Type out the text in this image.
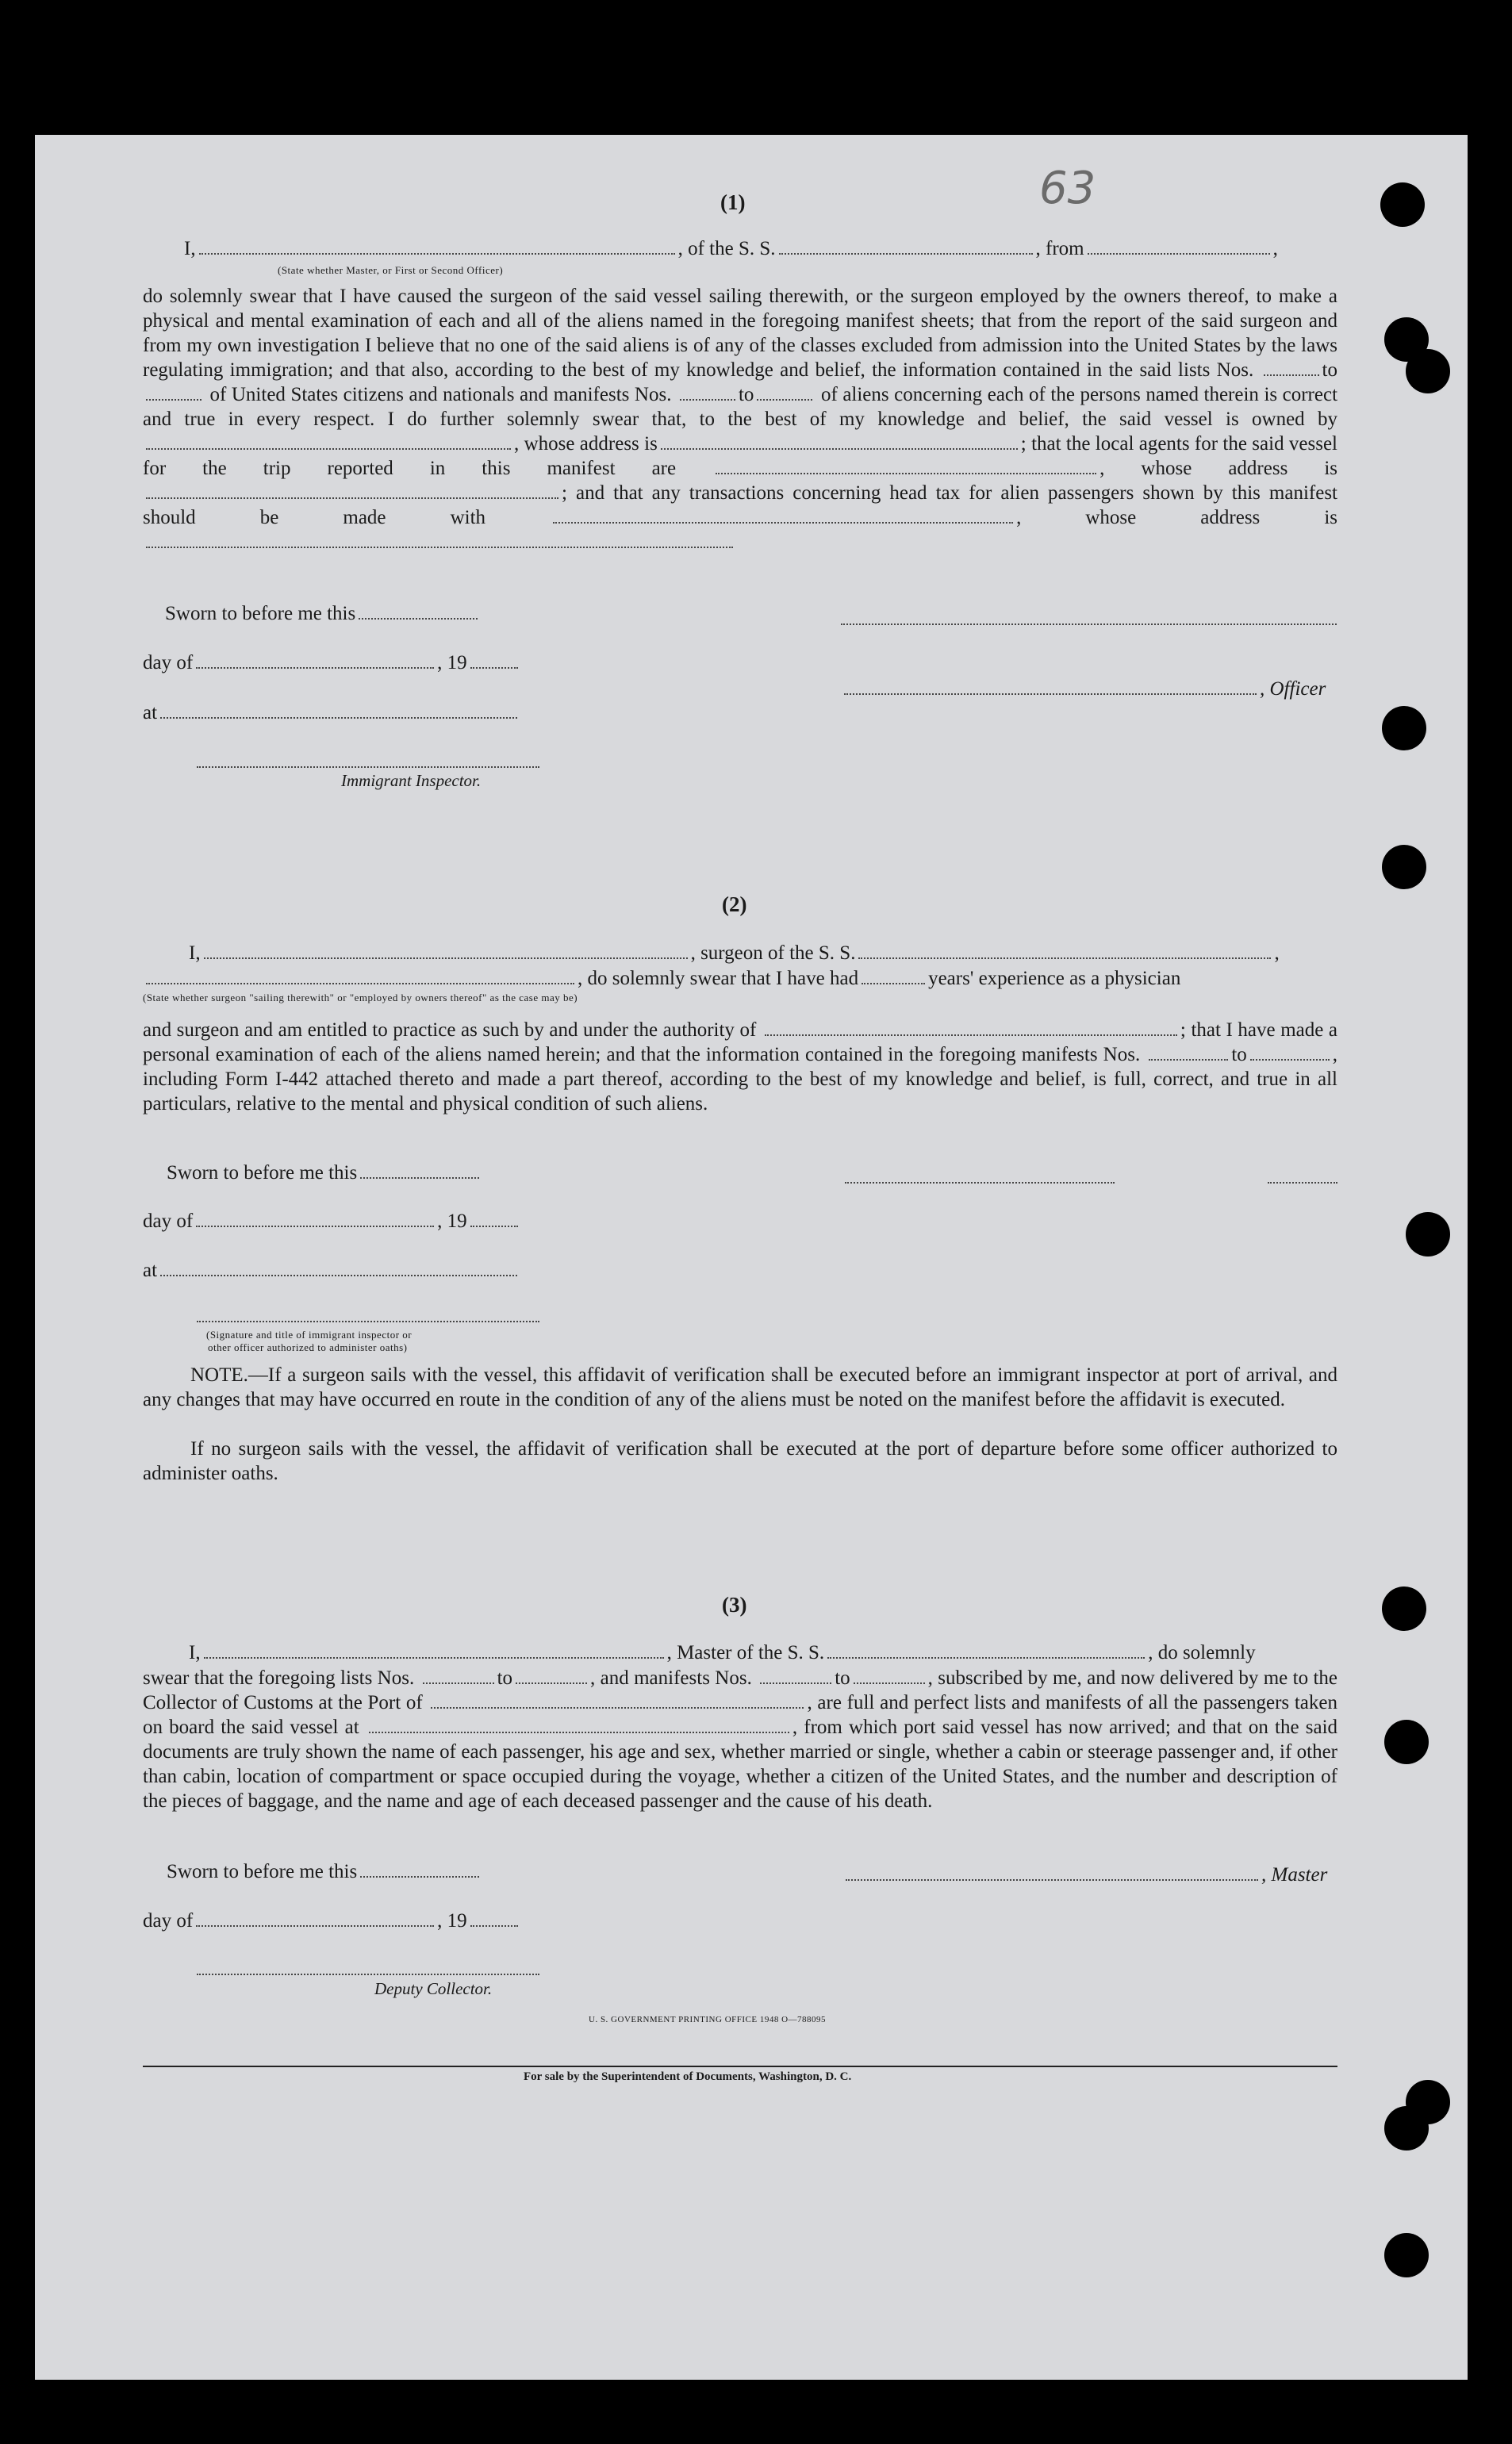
63
(1)
I,	, of the S. S.	, from	,
(State whether Master, or First or Second Officer)
do solemnly swear that I have caused the surgeon of the said vessel sailing therewith, or the surgeon employed by the owners thereof, to make a physical and mental examination of each and all of the aliens named in the foregoing manifest sheets; that from the report of the said surgeon and from my own investigation I believe that no one of the said aliens is of any of the classes excluded from admission into the United States by the laws regulating immigration; and that also, according to the best of my knowledge and belief, the information contained in the said lists Nos.	to of United States citizens and nationals and manifests Nos.	to	of aliens concerning each of the persons named therein is correct and true in every respect. I do further solemnly swear that, to the best of my knowledge and belief, the said vessel is owned by , whose address is	; that the local agents for the said vessel for the trip reported in this manifest are	, whose address is ; and that any transactions concerning head tax for alien passengers shown by this manifest should be made with	, whose address is
Sworn to before me this
day of	, 19
, Officer
at
Immigrant Inspector.
(2)
I,	, surgeon of the S. S.	,
, do solemnly swear that I have had	years' experience as a physician
(State whether surgeon "sailing therewith" or "employed by owners thereof" as the case may be)
and surgeon and am entitled to practice as such by and under the authority of	; that I have made a personal examination of each of the aliens named herein; and that the information contained in the foregoing manifests Nos.	to	, including Form I-442 attached thereto and made a part thereof, according to the best of my knowledge and belief, is full, correct, and true in all particulars, relative to the mental and physical condition of such aliens.
Sworn to before me this
day of	, 19
at
(Signature and title of immigrant inspector or
other officer authorized to administer oaths)
NOTE.—If a surgeon sails with the vessel, this affidavit of verification shall be executed before an immigrant inspector at port of arrival, and any changes that may have occurred en route in the condition of any of the aliens must be noted on the manifest before the affidavit is executed.
If no surgeon sails with the vessel, the affidavit of verification shall be executed at the port of departure before some officer authorized to administer oaths.
(3)
I,	, Master of the S. S.	, do solemnly
swear that the foregoing lists Nos.	to	, and manifests Nos.	to	, subscribed by me, and now delivered by me to the Collector of Customs at the Port of	, are full and perfect lists and manifests of all the passengers taken on board the said vessel at	, from which port said vessel has now arrived; and that on the said documents are truly shown the name of each passenger, his age and sex, whether married or single, whether a cabin or steerage passenger and, if other than cabin, location of compartment or space occupied during the voyage, whether a citizen of the United States, and the number and description of the pieces of baggage, and the name and age of each deceased passenger and the cause of his death.
Sworn to before me this	, Master
day of	, 19
Deputy Collector.
U. S. GOVERNMENT PRINTING OFFICE 1948 O—788095
For sale by the Superintendent of Documents, Washington, D. C.
